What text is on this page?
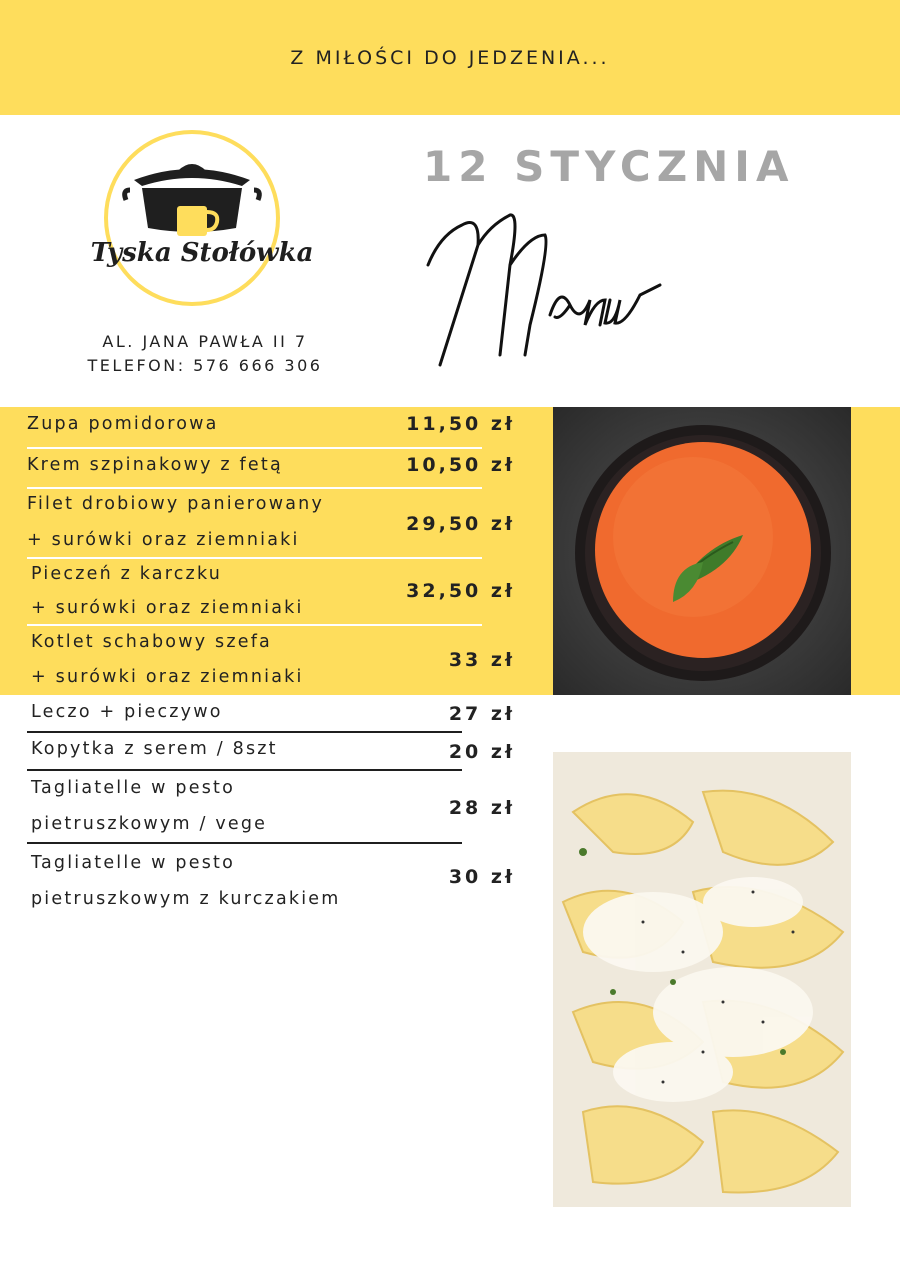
Z MIŁOŚCI DO JEDZENIA...
Tyska Stołówka
AL. JANA PAWŁA II 7
TELEFON: 576 666 306
12 STYCZNIA
Menu
Zupa pomidorowa	11,50 zł
Krem szpinakowy z fetą	10,50 zł
Filet drobiowy panierowany
+ surówki oraz ziemniaki
29,50 zł
Pieczeń z karczku
+ surówki oraz ziemniaki
32,50 zł
Kotlet schabowy szefa
+ surówki oraz ziemniaki
33 zł
Leczo + pieczywo	27 zł
Kopytka z serem / 8szt	20 zł
Tagliatelle w pesto
pietruszkowym / vege
28 zł
Tagliatelle w pesto
pietruszkowym z kurczakiem
30 zł
